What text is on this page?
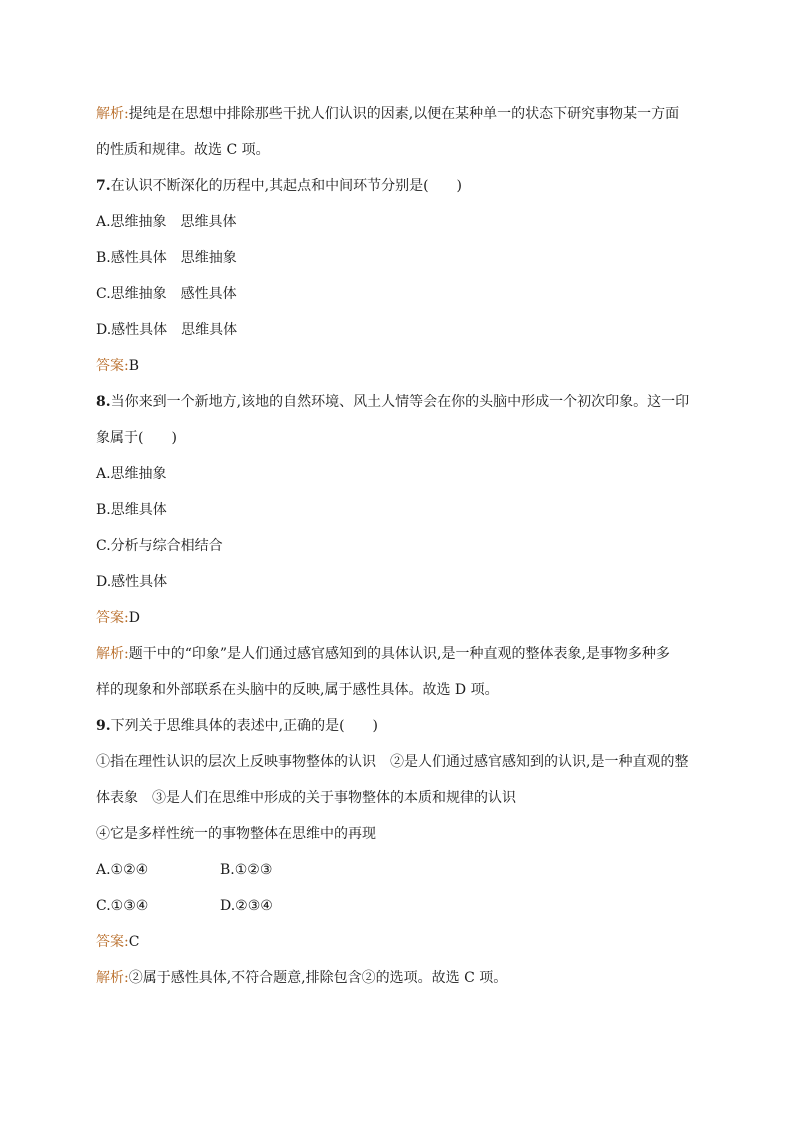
解析:提纯是在思想中排除那些干扰人们认识的因素,以便在某种单一的状态下研究事物某一方面
的性质和规律。故选 C 项。
7.在认识不断深化的历程中,其起点和中间环节分别是(　　)
A.思维抽象　思维具体
B.感性具体　思维抽象
C.思维抽象　感性具体
D.感性具体　思维具体
答案:B
8.当你来到一个新地方,该地的自然环境、风土人情等会在你的头脑中形成一个初次印象。这一印
象属于(　　)
A.思维抽象
B.思维具体
C.分析与综合相结合
D.感性具体
答案:D
解析:题干中的“印象”是人们通过感官感知到的具体认识,是一种直观的整体表象,是事物多种多
样的现象和外部联系在头脑中的反映,属于感性具体。故选 D 项。
9.下列关于思维具体的表述中,正确的是(　　)
①指在理性认识的层次上反映事物整体的认识　②是人们通过感官感知到的认识,是一种直观的整
体表象　③是人们在思维中形成的关于事物整体的本质和规律的认识
④它是多样性统一的事物整体在思维中的再现
A.①②④	B.①②③
C.①③④	D.②③④
答案:C
解析:②属于感性具体,不符合题意,排除包含②的选项。故选 C 项。
